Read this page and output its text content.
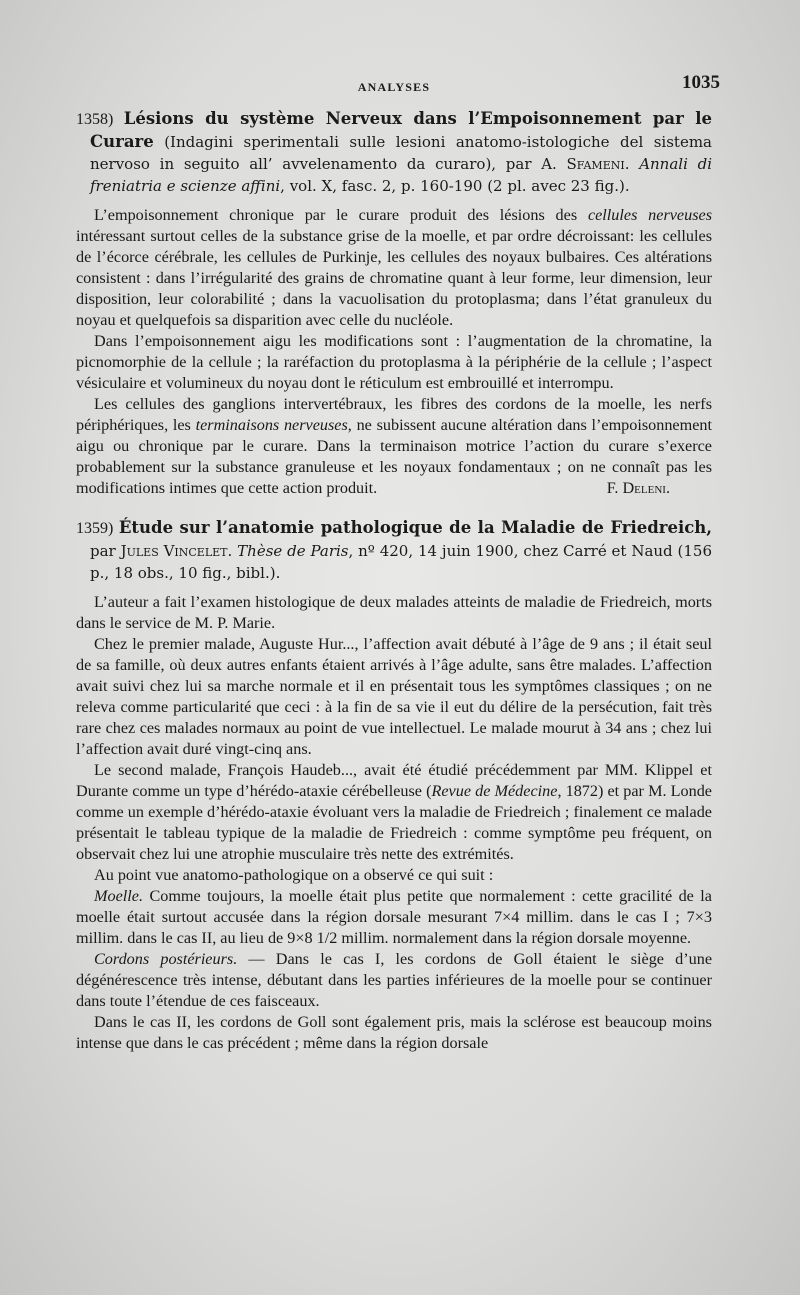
ANALYSES	1035

1358) Lésions du système Nerveux dans l’Empoisonnement par le Curare (Indagini sperimentali sulle lesioni anatomo-istologiche del sistema nervoso in seguito all’ avvelenamento da curaro), par A. Sfameni. Annali di freniatria e scienze affini, vol. X, fasc. 2, p. 160-190 (2 pl. avec 23 fig.).

L’empoisonnement chronique par le curare produit des lésions des cellules nerveuses intéressant surtout celles de la substance grise de la moelle, et par ordre décroissant: les cellules de l’écorce cérébrale, les cellules de Purkinje, les cellules des noyaux bulbaires. Ces altérations consistent : dans l’irrégularité des grains de chromatine quant à leur forme, leur dimension, leur disposition, leur colorabilité ; dans la vacuolisation du protoplasma; dans l’état granuleux du noyau et quelquefois sa disparition avec celle du nucléole.

Dans l’empoisonnement aigu les modifications sont : l’augmentation de la chromatine, la picnomorphie de la cellule ; la raréfaction du protoplasma à la périphérie de la cellule ; l’aspect vésiculaire et volumineux du noyau dont le réticulum est embrouillé et interrompu.

Les cellules des ganglions intervertébraux, les fibres des cordons de la moelle, les nerfs périphériques, les terminaisons nerveuses, ne subissent aucune altération dans l’empoisonnement aigu ou chronique par le curare. Dans la terminaison motrice l’action du curare s’exerce probablement sur la substance granuleuse et les noyaux fondamentaux ; on ne connaît pas les modifications intimes que cette action produit.	F. Deleni.

1359) Étude sur l’anatomie pathologique de la Maladie de Friedreich, par Jules Vincelet. Thèse de Paris, nº 420, 14 juin 1900, chez Carré et Naud (156 p., 18 obs., 10 fig., bibl.).

L’auteur a fait l’examen histologique de deux malades atteints de maladie de Friedreich, morts dans le service de M. P. Marie.

Chez le premier malade, Auguste Hur..., l’affection avait débuté à l’âge de 9 ans ; il était seul de sa famille, où deux autres enfants étaient arrivés à l’âge adulte, sans être malades. L’affection avait suivi chez lui sa marche normale et il en présentait tous les symptômes classiques ; on ne releva comme particularité que ceci : à la fin de sa vie il eut du délire de la persécution, fait très rare chez ces malades normaux au point de vue intellectuel. Le malade mourut à 34 ans ; chez lui l’affection avait duré vingt-cinq ans.

Le second malade, François Haudeb..., avait été étudié précédemment par MM. Klippel et Durante comme un type d’hérédo-ataxie cérébelleuse (Revue de Médecine, 1872) et par M. Londe comme un exemple d’hérédo-ataxie évoluant vers la maladie de Friedreich ; finalement ce malade présentait le tableau typique de la maladie de Friedreich : comme symptôme peu fréquent, on observait chez lui une atrophie musculaire très nette des extrémités.

Au point vue anatomo-pathologique on a observé ce qui suit :

Moelle. Comme toujours, la moelle était plus petite que normalement : cette gracilité de la moelle était surtout accusée dans la région dorsale mesurant 7×4 millim. dans le cas I ; 7×3 millim. dans le cas II, au lieu de 9×8 1/2 millim. normalement dans la région dorsale moyenne.

Cordons postérieurs. — Dans le cas I, les cordons de Goll étaient le siège d’une dégénérescence très intense, débutant dans les parties inférieures de la moelle pour se continuer dans toute l’étendue de ces faisceaux.

Dans le cas II, les cordons de Goll sont également pris, mais la sclérose est beaucoup moins intense que dans le cas précédent ; même dans la région dorsale
